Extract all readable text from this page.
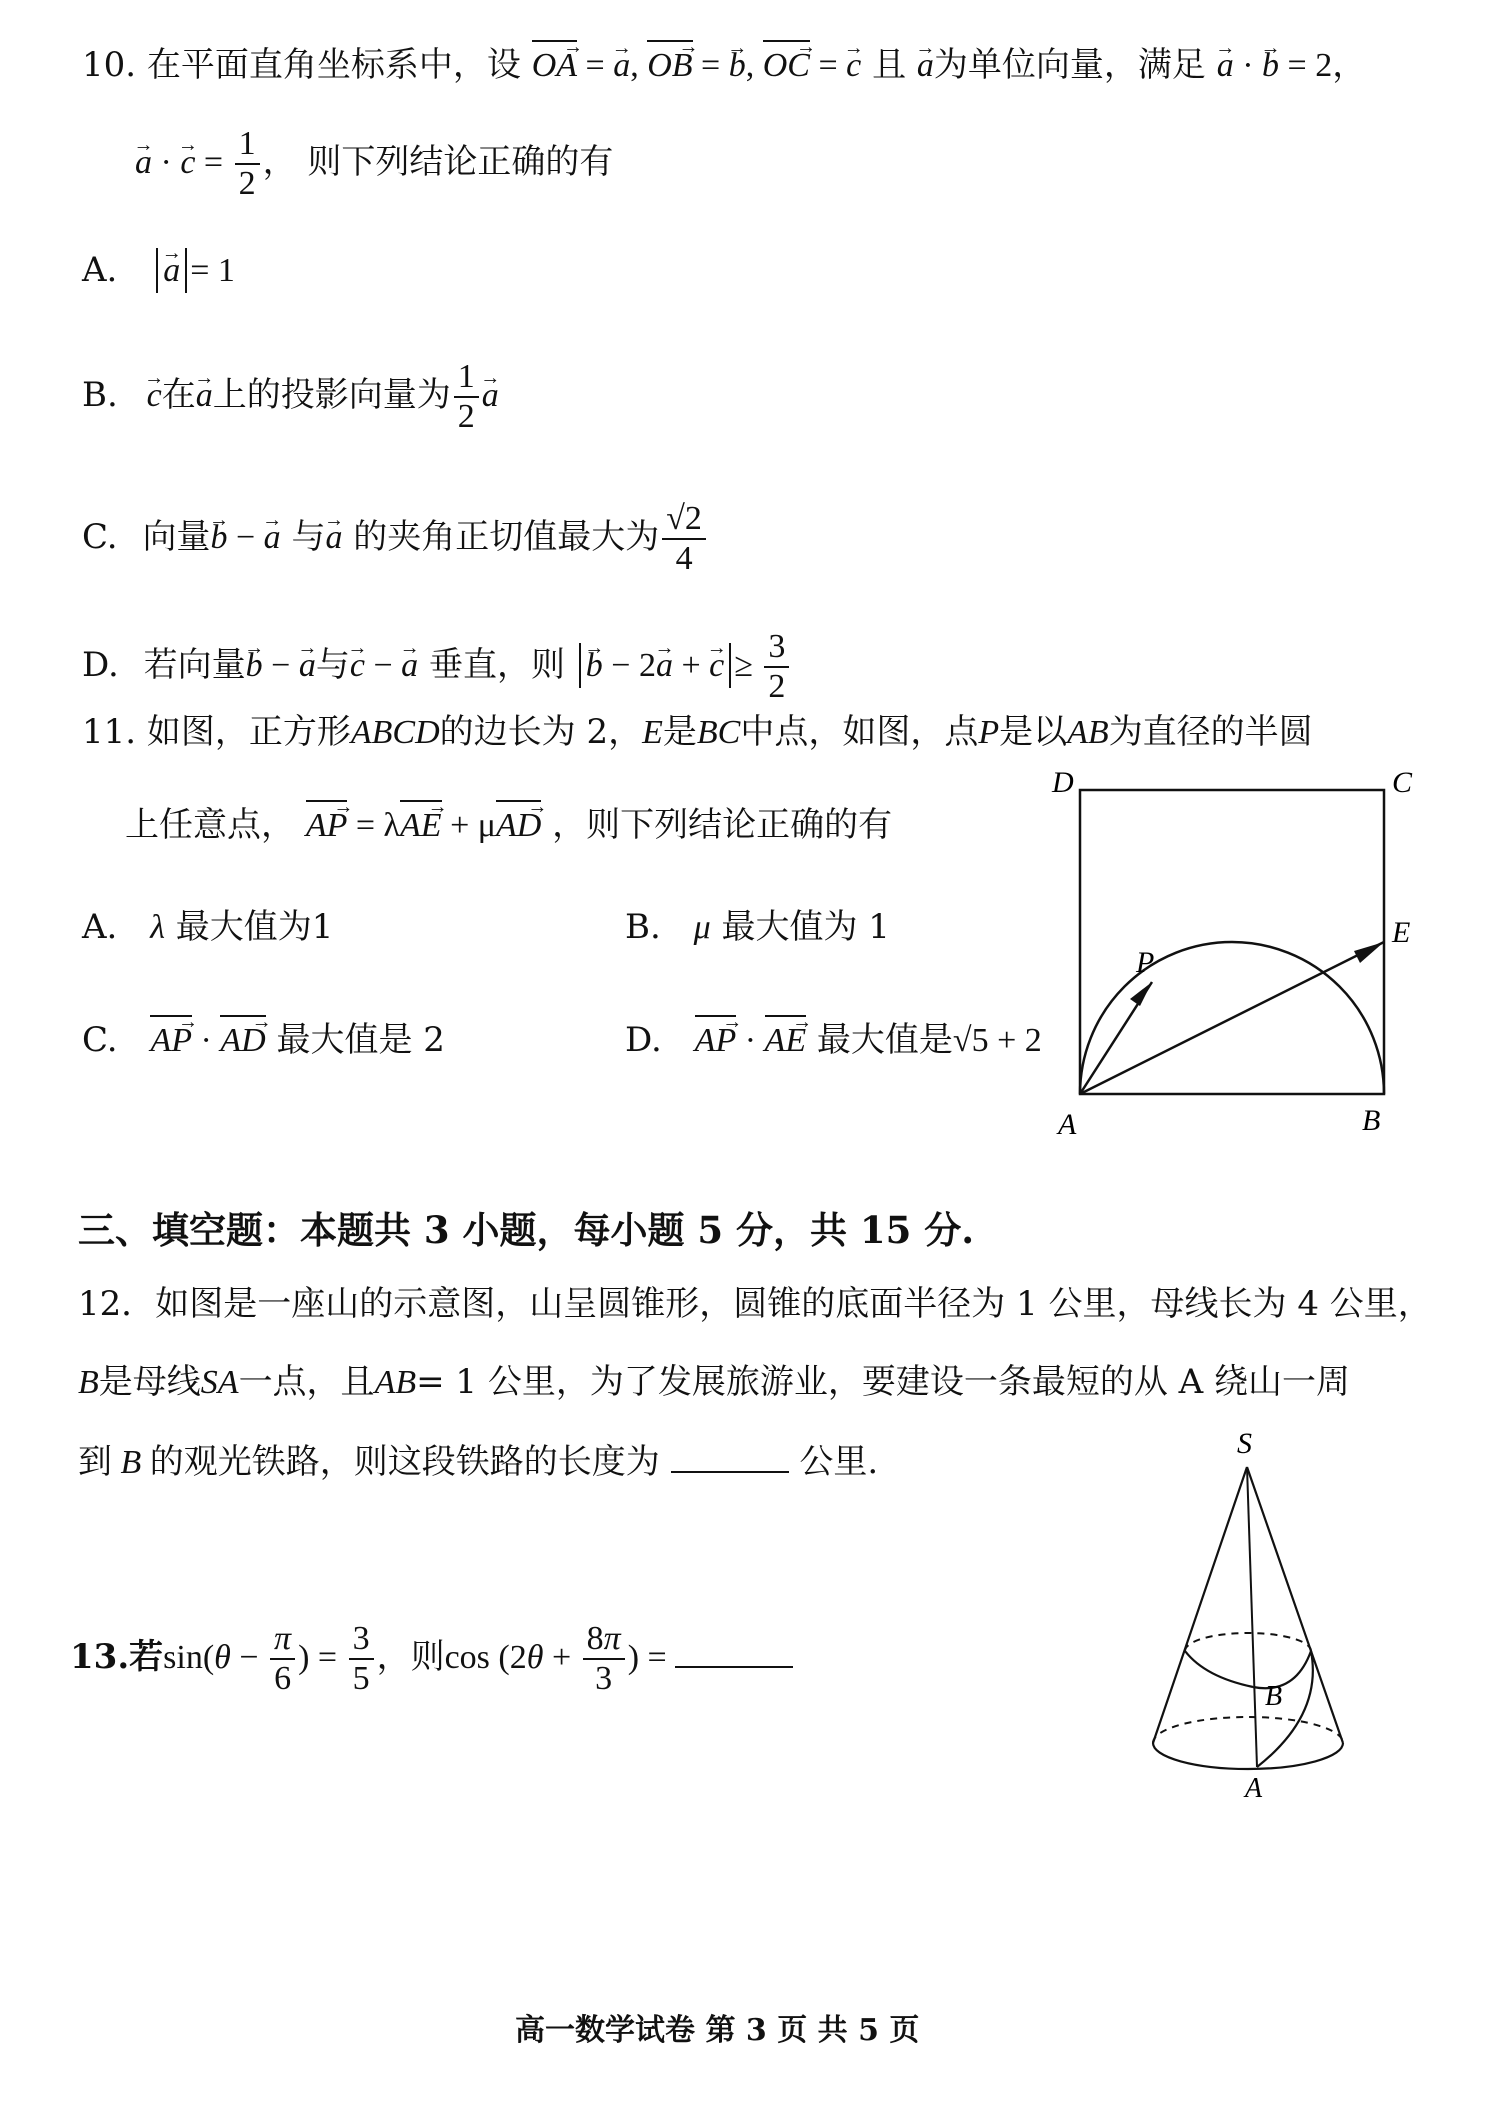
10. 在平面直角坐标系中，设 OA → = → a, OB → = → b, OC → = → c 且 → a为单位向量，满足 → a · → b = 2，
→ a · → $c = \frac{1}{2}$ ， 则下列结论正确的有
A. → a = 1
B. → c在→ a上的投影向量为 $\frac{1}{2}$
→ a
C. 向量→ b − → a 与→ a 的夹角正切值最大为 $\frac{√2}{4}$
D. 若向量→ b − → a与→ c − → a 垂直，则 → b − 2→ a + → $c \ge \frac{3}{2}$
11. 如图，正方形ABCD的边长为 2，E是BC中点，如图，点P是以AB为直径的半圆
上任意点， AP → = λAE → + μAD → ，则下列结论正确的有
A. λ 最大值为1	B. μ 最大值为 1
C. AP → · AD → 最大值是 2	D. AP → · AE → 最大值是√5 + 2
D	C
P
E
A	B
三、填空题：本题共 3 小题，每小题 5 分，共 15 分.
12．如图是一座山的示意图，山呈圆锥形，圆锥的底面半径为 1 公里，母线长为 4 公里，
B是母线SA一点，且AB= 1 公里，为了发展旅游业，要建设一条最短的从 A 绕山一周
到 B 的观光铁路，则这段铁路的长度为	公里.	S
B
A
13.若$\sin(\theta - \frac{\pi}{6}$ ) = $\frac{3}{5}$ ，则$\cos (2\theta + \frac{8\pi}{3}$ ) =
高一数学试卷 第 3 页 共 5 页
